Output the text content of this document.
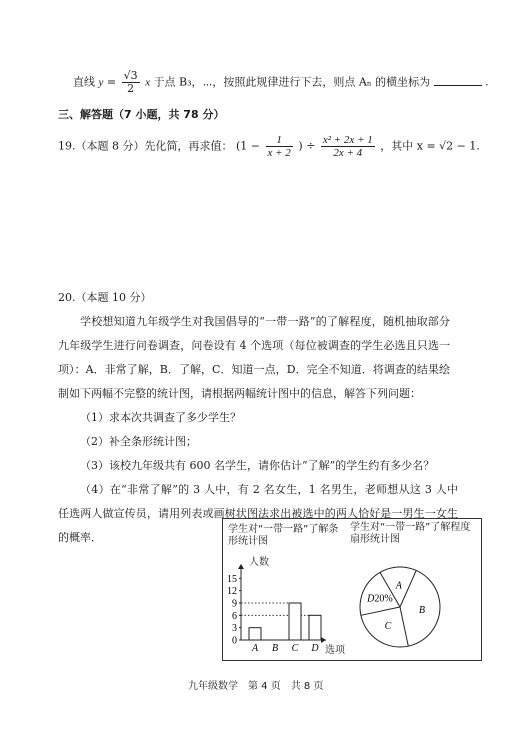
直线 $y = \frac{√3}{2}$ x 于点 B₃，⋯，按照此规律进行下去，则点 Aₙ 的横坐标为	.
三、解答题（7 小题，共 78 分）
19.（本题 8 分）先化简，再求值： ($1 - \frac{1}{x + 2}$ ) ÷ $\frac{\text{x² + 2x + 1}}{2x + 4}$ ，其中 x = √2 − 1.
20.（本题 10 分）
学校想知道九年级学生对我国倡导的“一带一路”的了解程度，随机抽取部分九年级学生进行问卷调查，问卷设有 4 个选项（每位被调查的学生必选且只选一项）：A．非常了解，B．了解，C．知道一点，D．完全不知道．将调查的结果绘制如下两幅不完整的统计图，请根据两幅统计图中的信息，解答下列问题：
（1）求本次共调查了多少学生？
（2）补全条形统计图；
（3）该校九年级共有 600 名学生，请你估计“了解”的学生约有多少名？
（4）在“非常了解”的 3 人中，有 2 名女生，1 名男生，老师想从这 3 人中任选两人做宣传员，请用列表或画树状图法求出被选中的两人恰好是一男生一女生的概率．
学生对“一带一路”了解条形统计图
人数
选项
0
3
6
9
12
15
A B C D
学生对“一带一路”了解程度扇形统计图
A
B
C
D20%
九年级数学　第 4 页　共 8 页
